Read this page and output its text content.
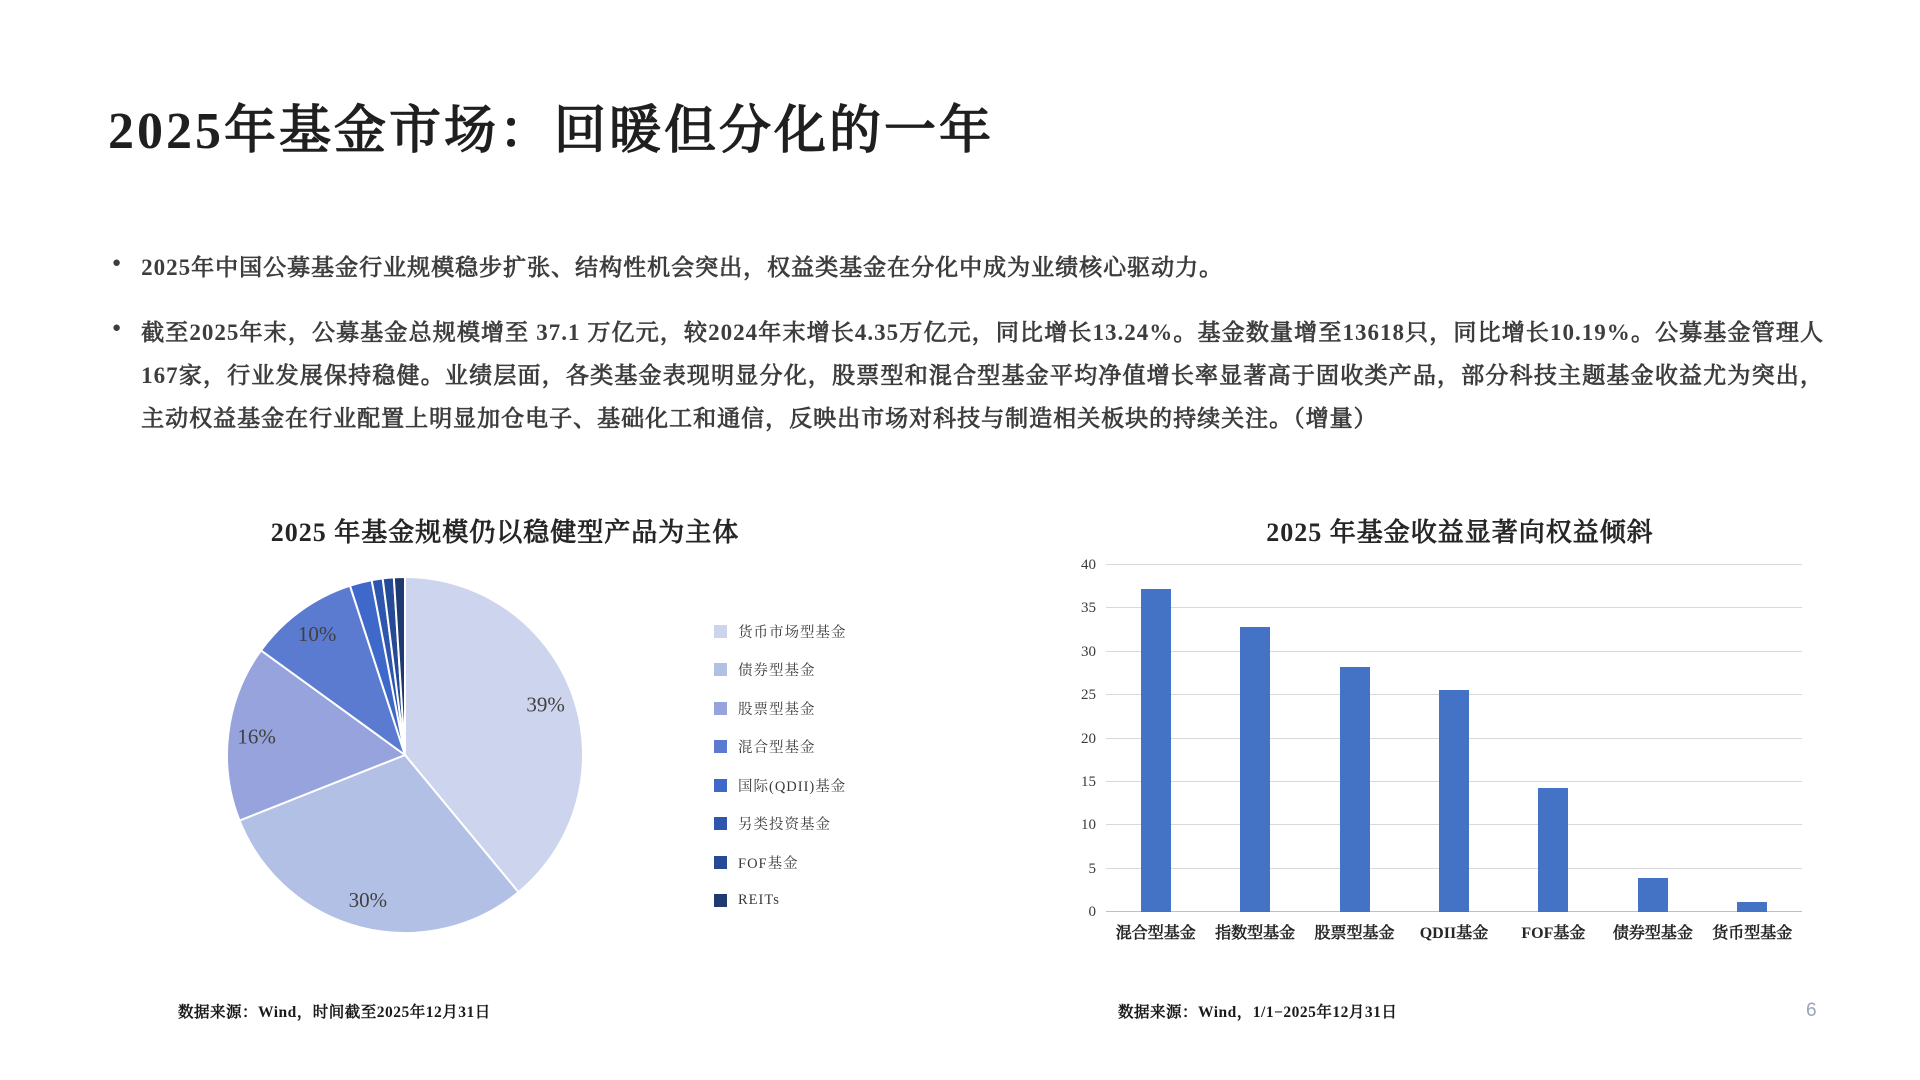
2025年基金市场：回暖但分化的一年
● 2025年中国公募基金行业规模稳步扩张、结构性机会突出，权益类基金在分化中成为业绩核心驱动力。
● 截至2025年末，公募基金总规模增至 37.1 万亿元，较2024年末增长4.35万亿元，同比增长13.24%。基金数量增至13618只，同比增长10.19%。公募基金管理人167家，行业发展保持稳健。业绩层面，各类基金表现明显分化，股票型和混合型基金平均净值增长率显著高于固收类产品，部分科技主题基金收益尤为突出，主动权益基金在行业配置上明显加仓电子、基础化工和通信，反映出市场对科技与制造相关板块的持续关注。（增量）
2025 年基金规模仍以稳健型产品为主体
39%
30%
16%
10%	货币市场型基金
债券型基金
股票型基金
混合型基金
国际(QDII)基金
另类投资基金
FOF基金
REITs
2025 年基金收益显著向权益倾斜
0
5
10
15
20
25
30
35
40
混合型基金	指数型基金	股票型基金	QDII基金	FOF基金	债券型基金	货币型基金
数据来源：Wind，时间截至2025年12月31日	数据来源：Wind，1/1−2025年12月31日	6
